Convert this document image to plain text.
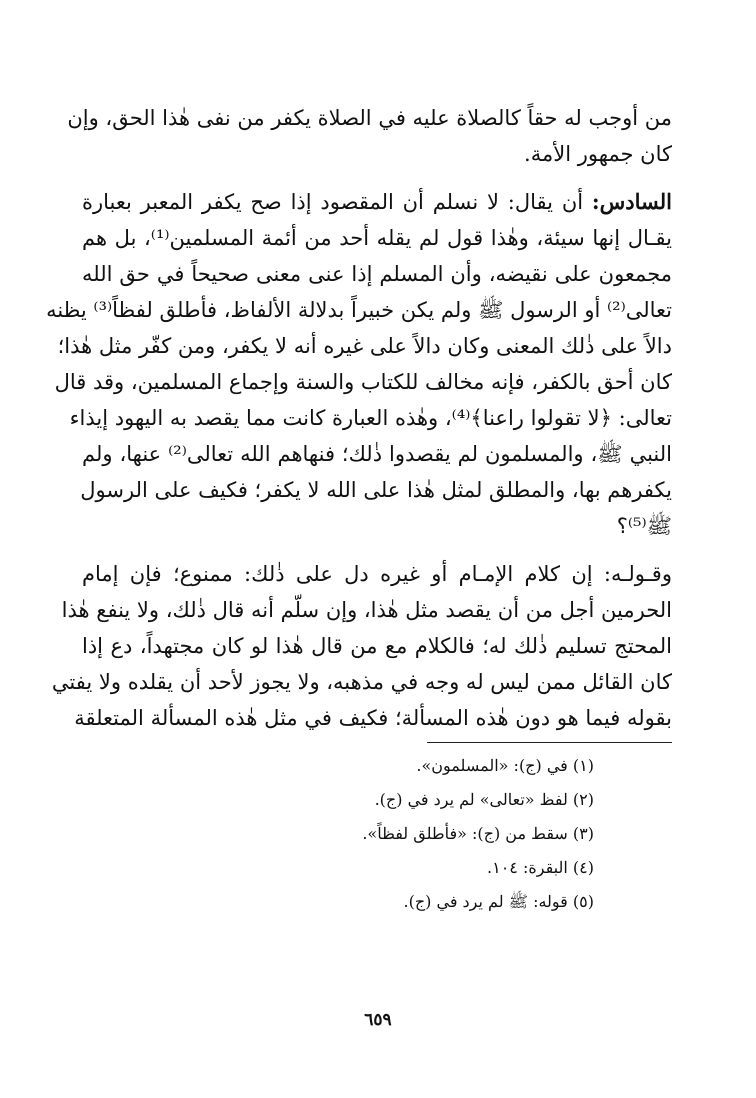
من أوجب له حقاً كالصلاة عليه في الصلاة يكفر من نفى هٰذا الحق، وإن
كان جمهور الأمة.
السادس: أن يقال: لا نسلم أن المقصود إذا صح يكفر المعبر بعبارة
يقـال إنها سيئة، وهٰذا قول لم يقله أحد من أئمة المسلمين⁽¹⁾، بل هم
مجمعون على نقيضه، وأن المسلم إذا عنى معنى صحيحاً في حق الله
تعالى⁽²⁾ أو الرسول ﷺ ولم يكن خبيراً بدلالة الألفاظ، فأطلق لفظاً⁽³⁾ يظنه
دالاً على ذٰلك المعنى وكان دالاً على غيره أنه لا يكفر، ومن كفّر مثل هٰذا؛
كان أحق بالكفر، فإنه مخالف للكتاب والسنة وإجماع المسلمين، وقد قال
تعالى: ﴿لا تقولوا راعنا﴾⁽⁴⁾، وهٰذه العبارة كانت مما يقصد به اليهود إيذاء
النبي ﷺ، والمسلمون لم يقصدوا ذٰلك؛ فنهاهم الله تعالى⁽²⁾ عنها، ولم
يكفرهم بها، والمطلق لمثل هٰذا على الله لا يكفر؛ فكيف على الرسول
ﷺ⁽⁵⁾؟
وقـولـه: إن كلام الإمـام أو غيره دل على ذٰلك: ممنوع؛ فإن إمام
الحرمين أجل من أن يقصد مثل هٰذا، وإن سلّم أنه قال ذٰلك، ولا ينفع هٰذا
المحتج تسليم ذٰلك له؛ فالكلام مع من قال هٰذا لو كان مجتهداً، دع إذا
كان القائل ممن ليس له وجه في مذهبه، ولا يجوز لأحد أن يقلده ولا يفتي
بقوله فيما هو دون هٰذه المسألة؛ فكيف في مثل هٰذه المسألة المتعلقة
(١) في (ج): «المسلمون».
(٢) لفظ «تعالى» لم يرد في (ج).
(٣) سقط من (ج): «فأطلق لفظاً».
(٤) البقرة: ١٠٤.
(٥) قوله: ﷺ لم يرد في (ج).
٦٥٩
